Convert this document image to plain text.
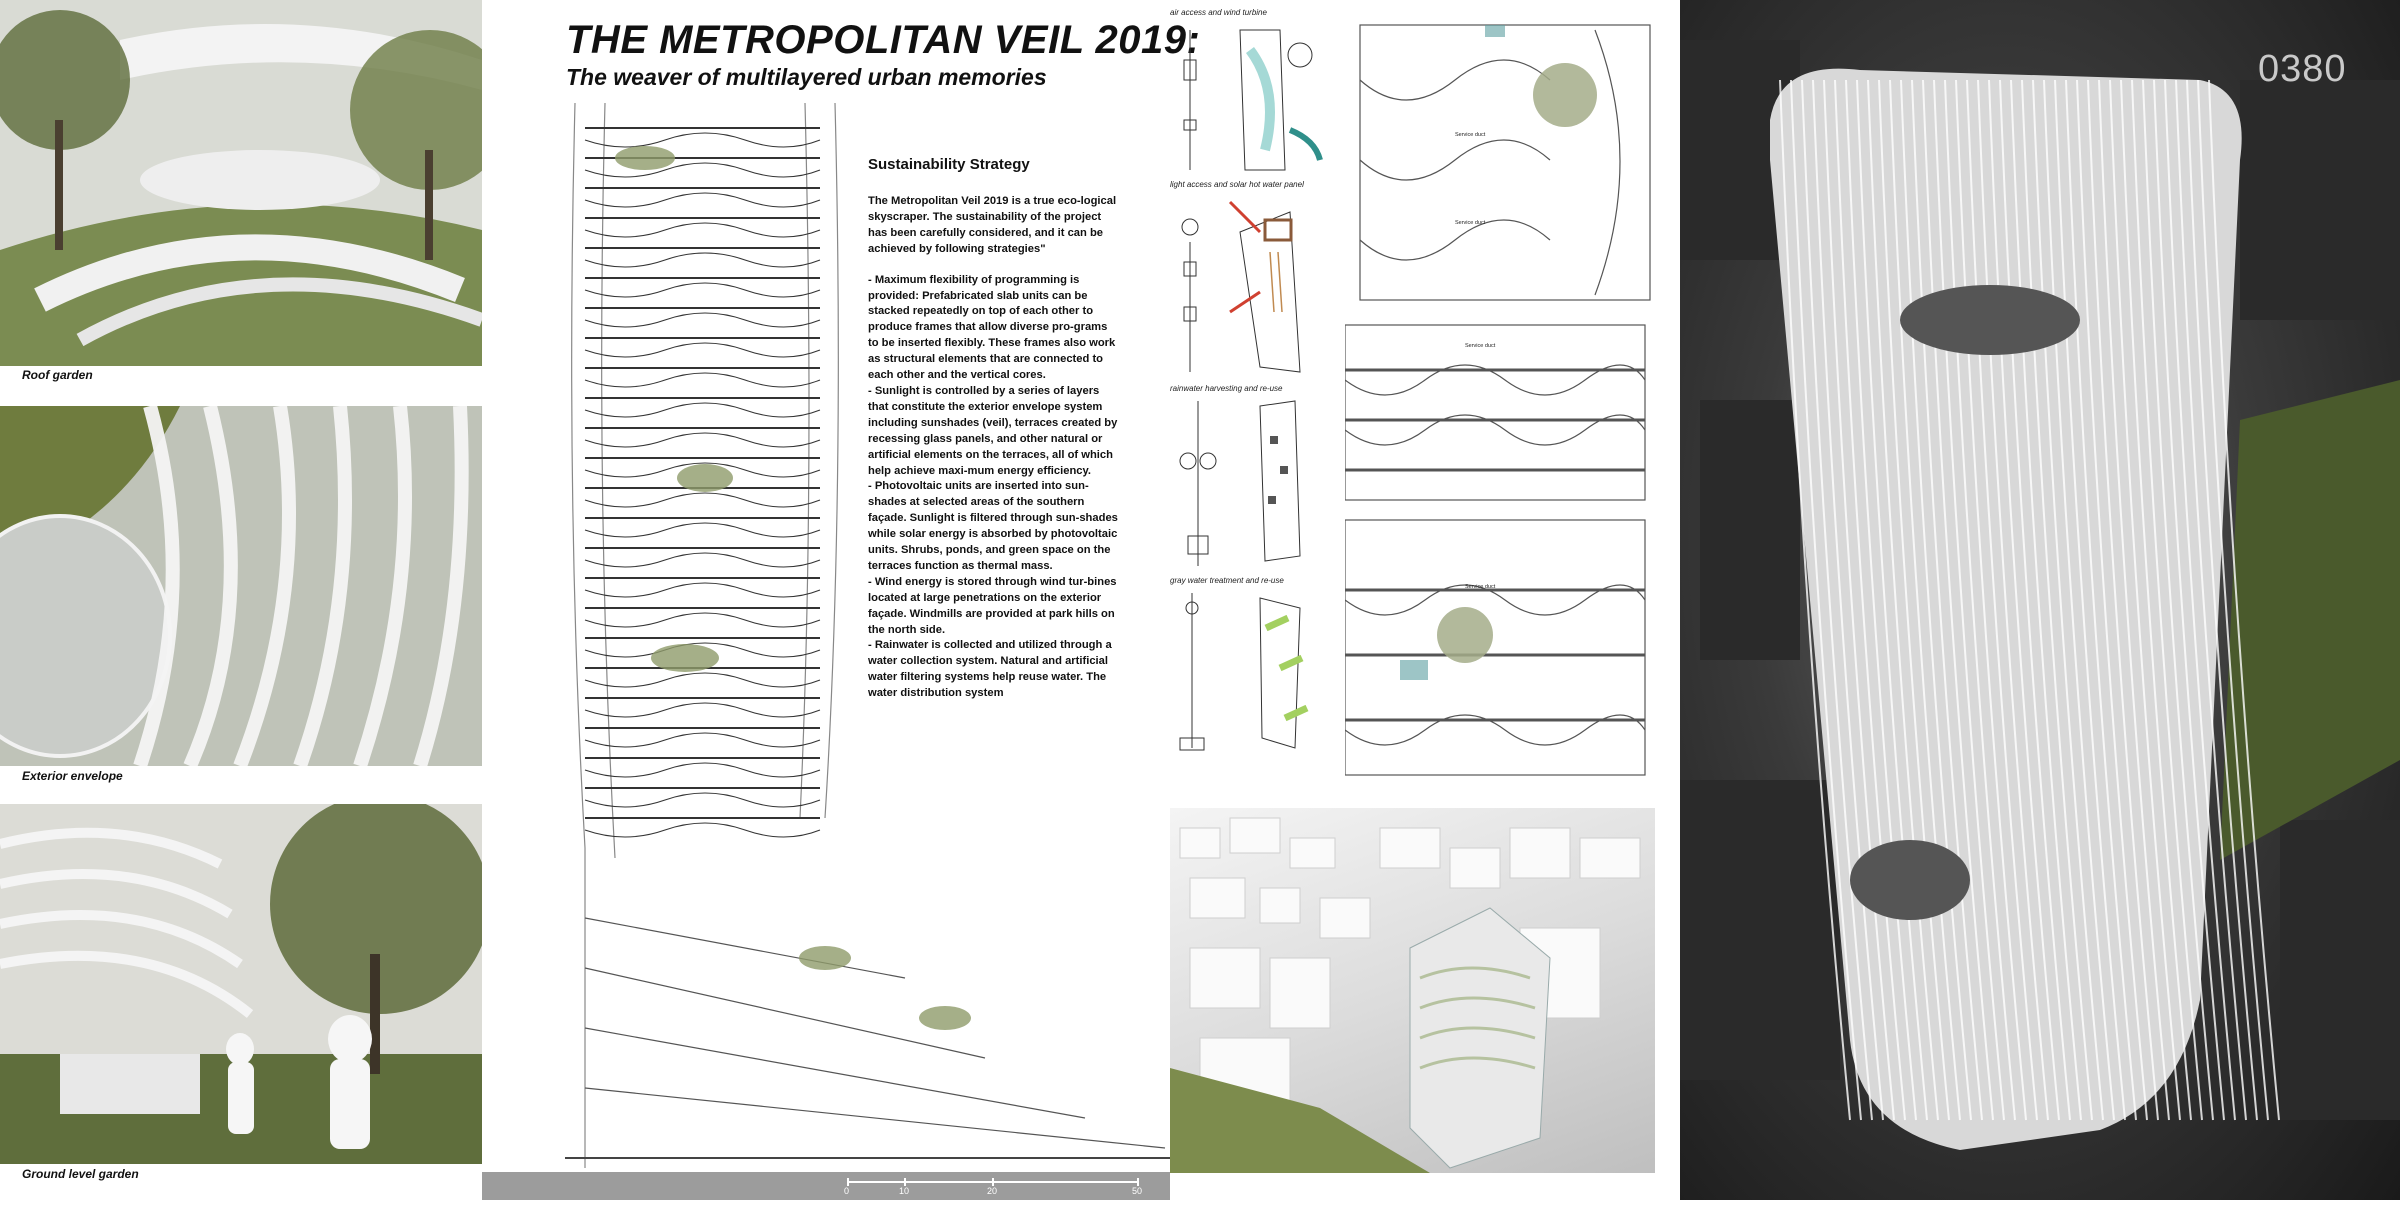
Roof garden
Exterior envelope
Ground level garden
THE METROPOLITAN VEIL 2019:
The weaver of multilayered urban memories
0	10	20	50
Sustainability Strategy

The Metropolitan Veil 2019 is a true eco-logical skyscraper. The sustainability of the project has been carefully considered, and it can be achieved by following strategies"

- Maximum flexibility of programming is provided: Prefabricated slab units can be stacked repeatedly on top of each other to produce frames that allow diverse pro-grams to be inserted flexibly. These frames also work as structural elements that are connected to each other and the vertical cores.

- Sunlight is controlled by a series of layers that constitute the exterior envelope system including sunshades (veil), terraces created by recessing glass panels, and other natural or artificial elements on the terraces, all of which help achieve maxi-mum energy efficiency.

- Photovoltaic units are inserted into sun-shades at selected areas of the southern façade. Sunlight is filtered through sun-shades while solar energy is absorbed by photovoltaic units. Shrubs, ponds, and green space on the terraces function as thermal mass.

- Wind energy is stored through wind tur-bines located at large penetrations on the exterior façade. Windmills are provided at park hills on the north side.

- Rainwater is collected and utilized through a water collection system. Natural and artificial water filtering systems help reuse water. The water distribution system

air access and wind turbine
light access and solar hot water panel
rainwater harvesting and re-use
gray water treatment and re-use
Service duct
Service duct
Service duct
Service duct
0380
